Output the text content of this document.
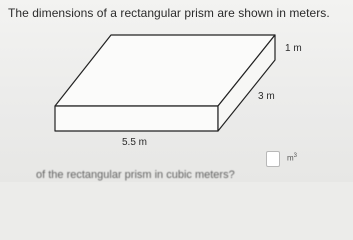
The dimensions of a rectangular prism are shown in meters.
1 m
3 m
5.5 m
$m^3$
of the rectangular prism in cubic meters?
